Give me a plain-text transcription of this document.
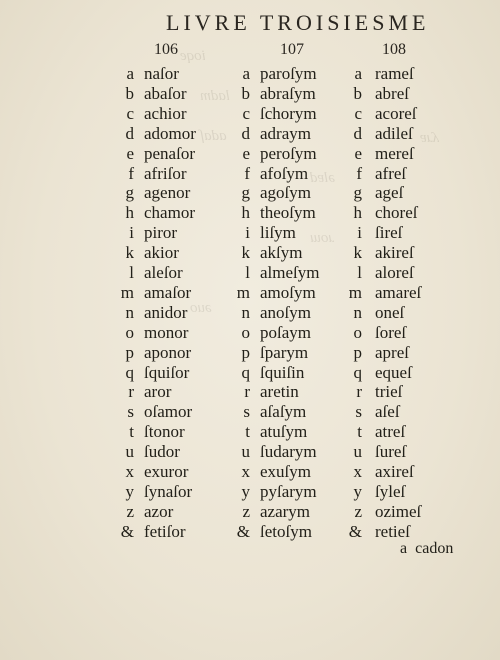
LIVRE TROISIESME
106	107	108
a naſor	a paroſym	a rameſ
b abaſor	b abraſym	b abreſ
c achior	c ſchorym	c acoreſ
d adomor	d adraym	d adileſ
e penaſor	e peroſym	e mereſ
f afriſor	f afoſym	f afreſ
g agenor	g agoſym	g ageſ
h chamor	h theoſym	h choreſ
i piror	i liſym	i ſireſ
k akior	k akſym	k akireſ
l aleſor	l almeſym	l aloreſ
m amaſor	m amoſym	m amareſ
n anidor	n anoſym	n oneſ
o monor	o poſaym	o ſoreſ
p aponor	p ſparym	p apreſ
q ſquiſor	q ſquiſin	q equeſ
r aror	r aretin	r trieſ
s oſamor	s aſaſym	s aſeſ
t ſtonor	t atuſym	t atreſ
u ſudor	u ſudarym	u ſureſ
x exuror	x exuſym	x axireſ
y ſynaſor	y pyſarym	y ſyleſ
z azor	z azarym	z ozimeſ
& fetiſor	& ſetoſym	& retieſ
a cadon
